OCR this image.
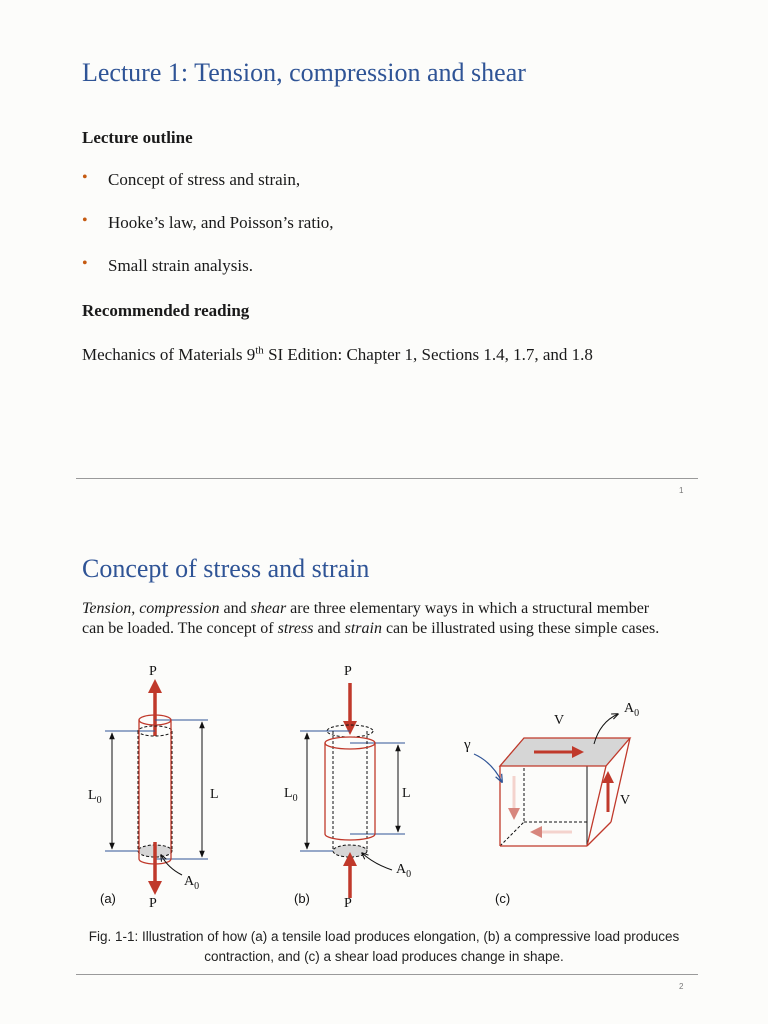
Lecture 1: Tension, compression and shear
Lecture outline
• Concept of stress and strain,
• Hooke’s law, and Poisson’s ratio,
• Small strain analysis.
Recommended reading

Mechanics of Materials 9th SI Edition: Chapter 1, Sections 1.4, 1.7, and 1.8

1
Concept of stress and strain

Tension, compression and shear are three elementary ways in which a structural member can be loaded. The concept of stress and strain can be illustrated using these simple cases.

P
$A_0$
$L_0$	L
P
(a)
P
$A_0$
$L_0$	L
P
(b)
V
V
γ
$A_0$
(c)

Fig. 1-1: Illustration of how (a) a tensile load produces elongation, (b) a compressive load produces contraction, and (c) a shear load produces change in shape.

2
